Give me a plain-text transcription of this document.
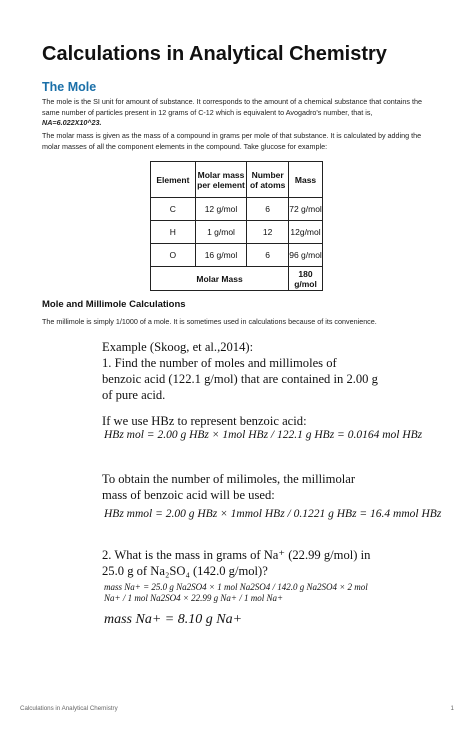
Calculations in Analytical Chemistry
The Mole
The mole is the SI unit for amount of substance. It corresponds to the amount of a chemical substance that contains the
same number of particles present in 12 grams of C-12 which is equivalent to Avogadro's number, that is,
NA=6.022X10^23.
The molar mass is given as the mass of a compound in grams per mole of that substance. It is calculated by adding the
molar masses of all the component elements in the compound. Take glucose for example:
Element	Molar mass per element	Number of atoms	Mass
C	12 g/mol	6	72 g/mol
H	1 g/mol	12	12g/mol
O	16 g/mol	6	96 g/mol
Molar Mass			180 g/mol
Mole and Millimole Calculations
The millimole is simply 1/1000 of a mole. It is sometimes used in calculations because of its convenience.
Example (Skoog, et al.,2014):
1. Find the number of moles and millimoles of
benzoic acid (122.1 g/mol) that are contained in 2.00 g
of pure acid.
If we use HBz to represent benzoic acid:
HBz mol = 2.00 g HBz × 1mol HBz / 122.1 g HBz = 0.0164 mol HBz
To obtain the number of milimoles, the millimolar
mass of benzoic acid will be used:
HBz mmol = 2.00 g HBz × 1mmol HBz / 0.1221 g HBz = 16.4 mmol HBz
2. What is the mass in grams of Na⁺ (22.99 g/mol) in
25.0 g of Na₂SO₄ (142.0 g/mol)?
mass Na+ = 25.0 g Na2SO4 × 1 mol Na2SO4 / 142.0 g Na2SO4 × 2 mol Na+ / 1 mol Na2SO4 × 22.99 g Na+ / 1 mol Na+
mass Na+ = 8.10 g Na+
Calculations in Analytical Chemistry	1
